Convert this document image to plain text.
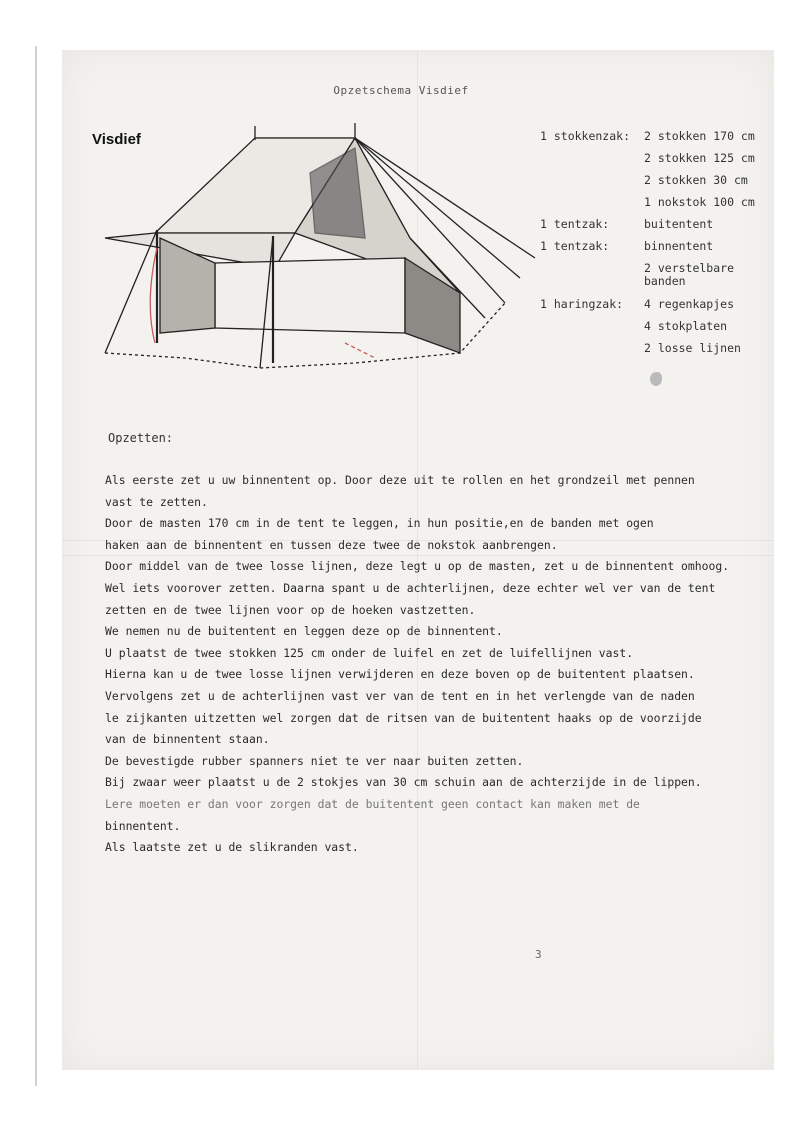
Opzetschema Visdief
Visdief	1 stokkenzak: 2 stokken 170 cm
2 stokken 125 cm
2 stokken 30 cm
1 nokstok 100 cm
1 tentzak:	buitentent
1 tentzak:	binnentent
2 verstelbare banden
1 haringzak: 4 regenkapjes
4 stokplaten
2 losse lijnen
Opzetten:

Als eerste zet u uw binnentent op. Door deze uit te rollen en het grondzeil met pennen

vast te zetten.

Door de masten 170 cm in de tent te leggen, in hun positie,en de banden met ogen

haken aan de binnentent en tussen deze twee de nokstok aanbrengen.

Door middel van de twee losse lijnen, deze legt u op de masten, zet u de binnentent omhoog.

Wel iets voorover zetten. Daarna spant u de achterlijnen, deze echter wel ver van de tent

zetten en de twee lijnen voor op de hoeken vastzetten.

We nemen nu de buitentent en leggen deze op de binnentent.

U plaatst de twee stokken 125 cm onder de luifel en zet de luifellijnen vast.

Hierna kan u de twee losse lijnen verwijderen en deze boven op de buitentent plaatsen.

Vervolgens zet u de achterlijnen vast ver van de tent en in het verlengde van de naden

le zijkanten uitzetten wel zorgen dat de ritsen van de buitentent haaks op de voorzijde

van de binnentent staan.

De bevestigde rubber spanners niet te ver naar buiten zetten.

Bij zwaar weer plaatst u de 2 stokjes van 30 cm schuin aan de achterzijde in de lippen.

Lere moeten er dan voor zorgen dat de buitentent geen contact kan maken met de

binnentent.

Als laatste zet u de slikranden vast.

3
